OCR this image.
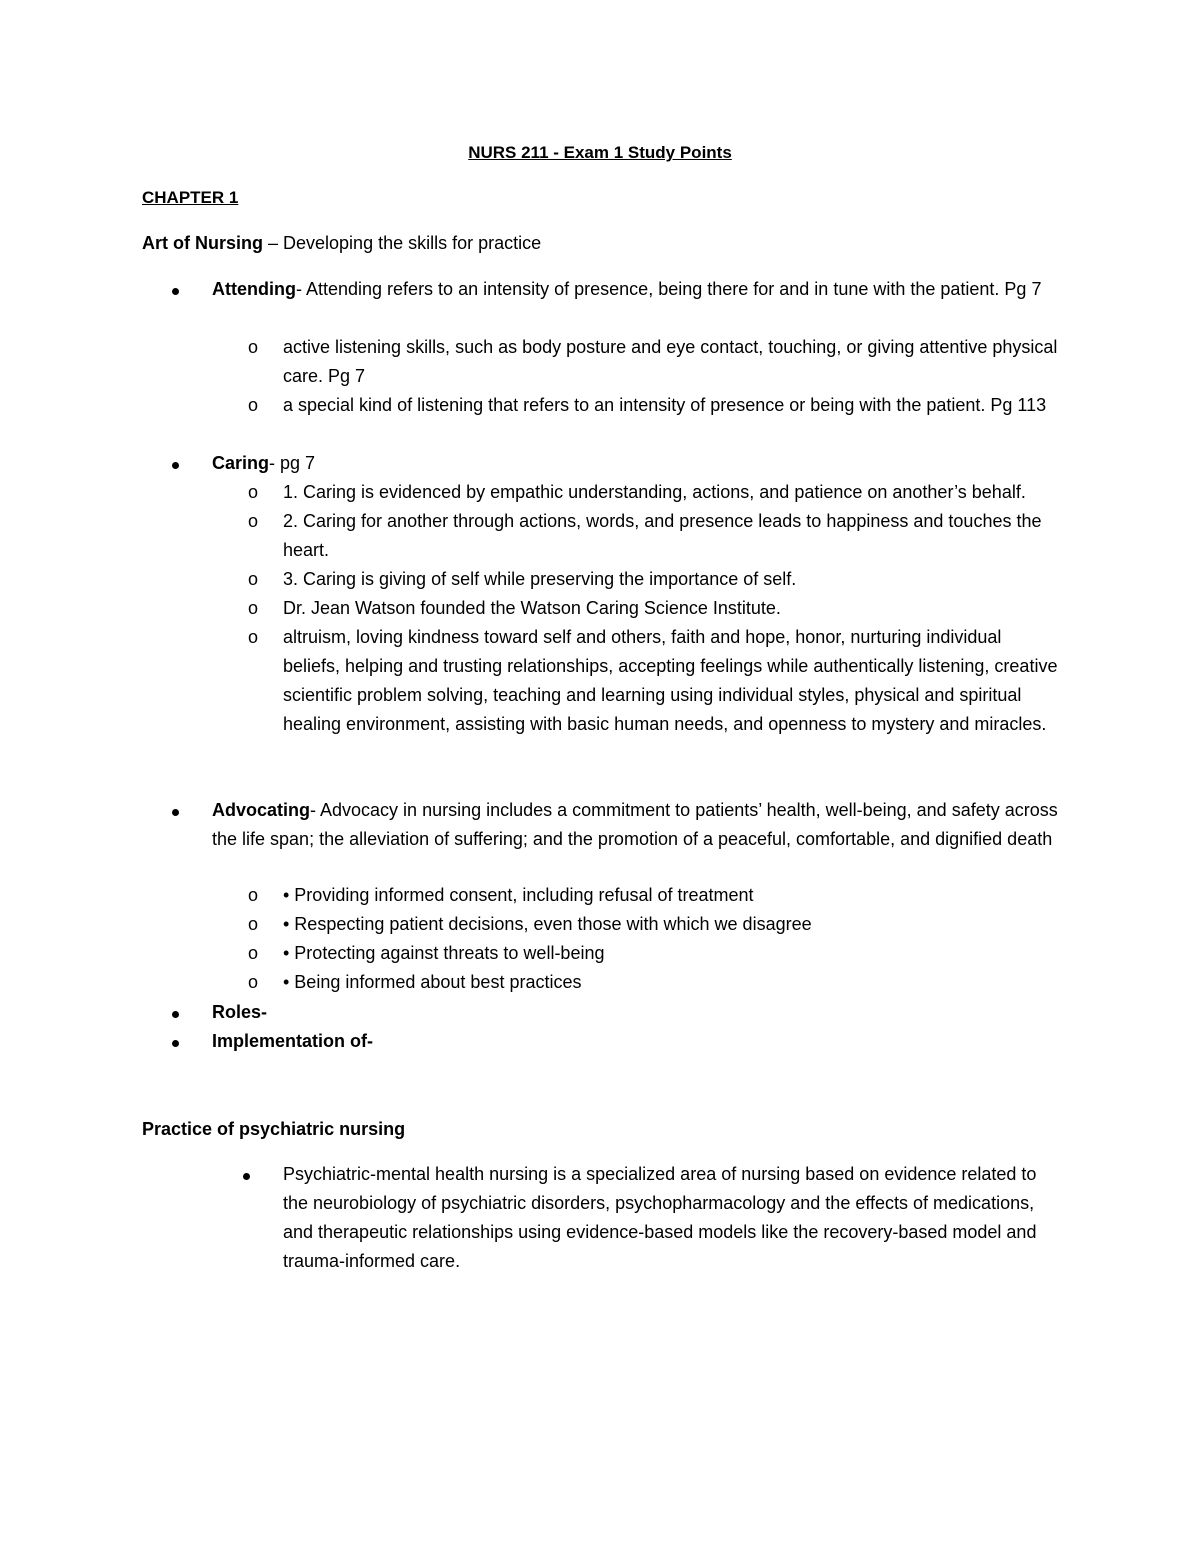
NURS 211 - Exam 1 Study Points
CHAPTER 1
Art of Nursing – Developing the skills for practice
Attending- Attending refers to an intensity of presence, being there for and in tune with the patient. Pg 7
o active listening skills, such as body posture and eye contact, touching, or giving attentive physical care. Pg 7
o a special kind of listening that refers to an intensity of presence or being with the patient. Pg 113
Caring- pg 7
o 1. Caring is evidenced by empathic understanding, actions, and patience on another’s behalf.
o 2. Caring for another through actions, words, and presence leads to happiness and touches the heart.
o 3. Caring is giving of self while preserving the importance of self.
o Dr. Jean Watson founded the Watson Caring Science Institute.
o altruism, loving kindness toward self and others, faith and hope, honor, nurturing individual beliefs, helping and trusting relationships, accepting feelings while authentically listening, creative scientific problem solving, teaching and learning using individual styles, physical and spiritual healing environment, assisting with basic human needs, and openness to mystery and miracles.
Advocating- Advocacy in nursing includes a commitment to patients’ health, well-being, and safety across the life span; the alleviation of suffering; and the promotion of a peaceful, comfortable, and dignified death
o • Providing informed consent, including refusal of treatment
o • Respecting patient decisions, even those with which we disagree
o • Protecting against threats to well-being
o • Being informed about best practices
Roles-
Implementation of-
Practice of psychiatric nursing
Psychiatric-mental health nursing is a specialized area of nursing based on evidence related to the neurobiology of psychiatric disorders, psychopharmacology and the effects of medications, and therapeutic relationships using evidence-based models like the recovery-based model and trauma-informed care.
